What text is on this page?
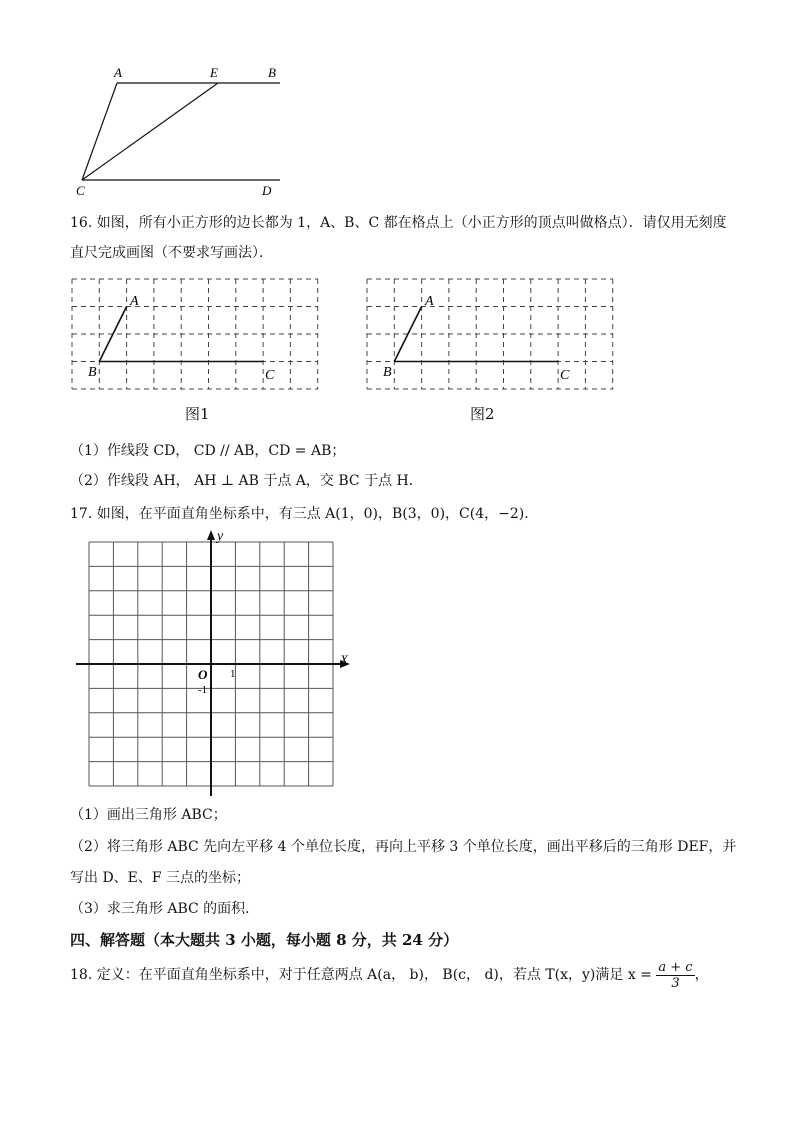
A	E	B
C	D
16. 如图，所有小正方形的边长都为 1，A、B、C 都在格点上（小正方形的顶点叫做格点）．请仅用无刻度
直尺完成画图（不要求写画法）．
A
B	C
A
B	C
图1	图2
（1）作线段 CD， CD // AB，CD = AB；
（2）作线段 AH， AH ⊥ AB 于点 A，交 BC 于点 H．
17. 如图，在平面直角坐标系中，有三点 A(1，0)，B(3，0)，C(4，−2)．
y
X
O 1
-1
（1）画出三角形 ABC；
（2）将三角形 ABC 先向左平移 4 个单位长度，再向上平移 3 个单位长度，画出平移后的三角形 DEF，并
写出 D、E、F 三点的坐标；
（3）求三角形 ABC 的面积．
四、解答题（本大题共 3 小题，每小题 8 分，共 24 分）
18. 定义：在平面直角坐标系中，对于任意两点 A(a， b)， B(c， d)，若点 T(x，y)满足 $x = \frac{a + c}{3}$ ，
